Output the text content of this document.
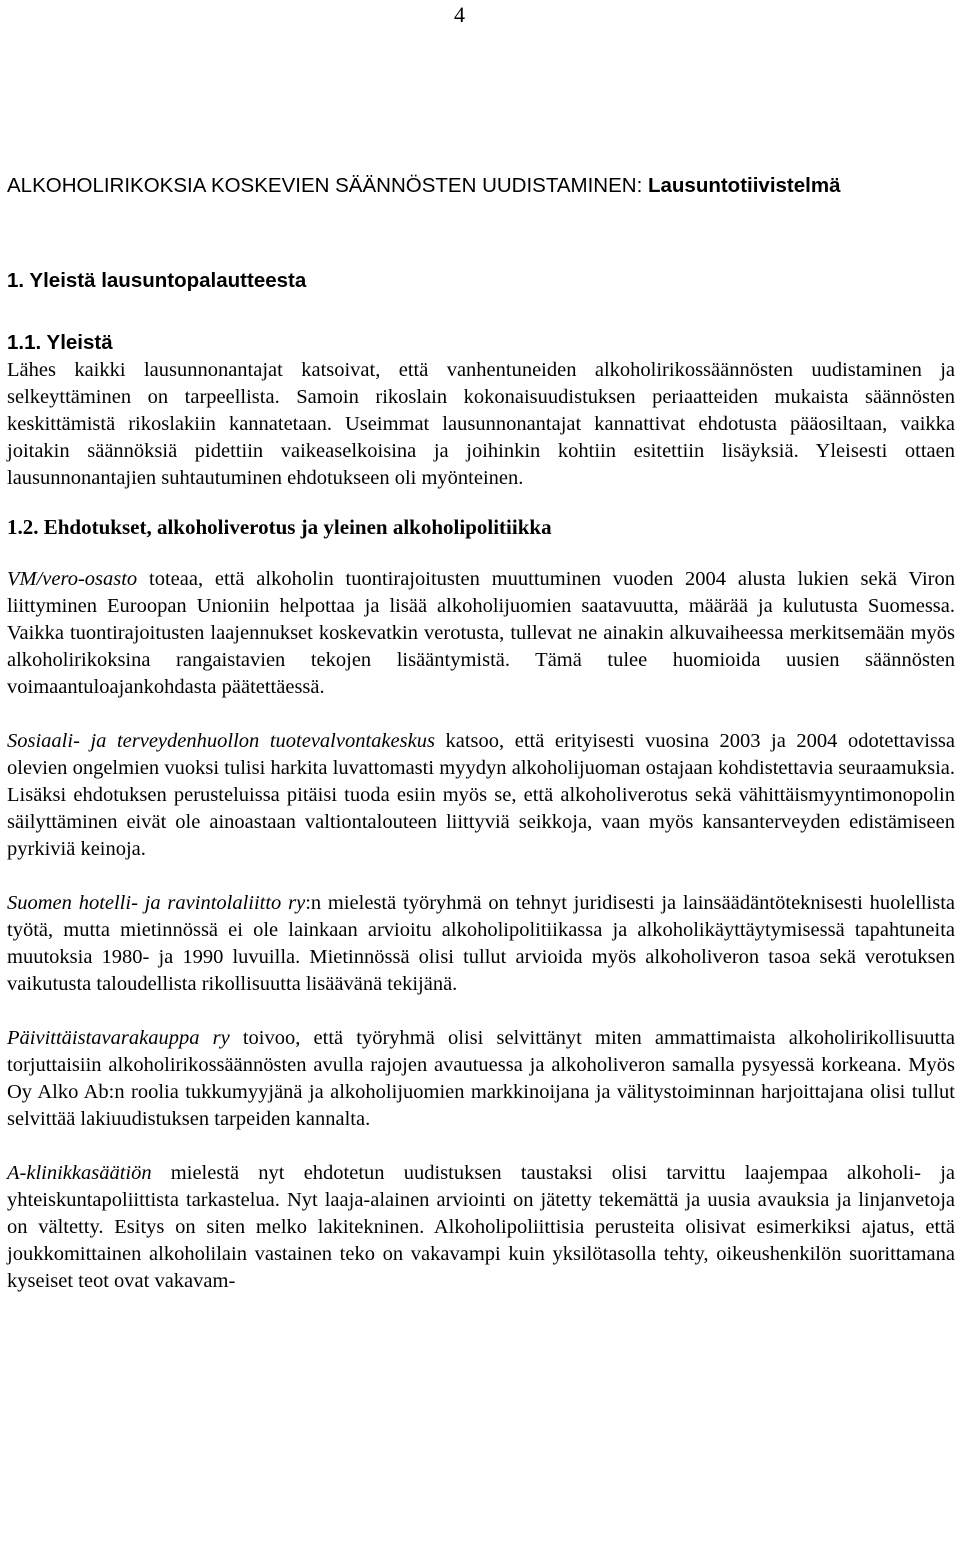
4
ALKOHOLIRIKOKSIA KOSKEVIEN SÄÄNNÖSTEN UUDISTAMINEN: Lausuntotiivistelmä
1. Yleistä lausuntopalautteesta
1.1. Yleistä

Lähes kaikki lausunnonantajat katsoivat, että vanhentuneiden alkoholirikossäännösten uudistaminen ja selkeyttäminen on tarpeellista. Samoin rikoslain kokonaisuudistuksen periaatteiden mukaista säännösten keskittämistä rikoslakiin kannatetaan. Useimmat lausunnonantajat kannattivat ehdotusta pääosiltaan, vaikka joitakin säännöksiä pidettiin vaikeaselkoisina ja joihinkin kohtiin esitettiin lisäyksiä. Yleisesti ottaen lausunnonantajien suhtautuminen ehdotukseen oli myönteinen.

1.2. Ehdotukset, alkoholiverotus ja yleinen alkoholipolitiikka

VM/vero-osasto toteaa, että alkoholin tuontirajoitusten muuttuminen vuoden 2004 alusta lukien sekä Viron liittyminen Euroopan Unioniin helpottaa ja lisää alkoholijuomien saatavuutta, määrää ja kulutusta Suomessa. Vaikka tuontirajoitusten laajennukset koskevatkin verotusta, tullevat ne ainakin alkuvaiheessa merkitsemään myös alkoholirikoksina rangaistavien tekojen lisääntymistä. Tämä tulee huomioida uusien säännösten voimaantuloajankohdasta päätettäessä.

Sosiaali- ja terveydenhuollon tuotevalvontakeskus katsoo, että erityisesti vuosina 2003 ja 2004 odotettavissa olevien ongelmien vuoksi tulisi harkita luvattomasti myydyn alkoholijuoman ostajaan kohdistettavia seuraamuksia. Lisäksi ehdotuksen perusteluissa pitäisi tuoda esiin myös se, että alkoholiverotus sekä vähittäismyyntimonopolin säilyttäminen eivät ole ainoastaan valtiontalouteen liittyviä seikkoja, vaan myös kansanterveyden edistämiseen pyrkiviä keinoja.

Suomen hotelli- ja ravintolaliitto ry:n mielestä työryhmä on tehnyt juridisesti ja lainsäädäntöteknisesti huolellista työtä, mutta mietinnössä ei ole lainkaan arvioitu alkoholipolitiikassa ja alkoholikäyttäytymisessä tapahtuneita muutoksia 1980- ja 1990 luvuilla. Mietinnössä olisi tullut arvioida myös alkoholiveron tasoa sekä verotuksen vaikutusta taloudellista rikollisuutta lisäävänä tekijänä.

Päivittäistavarakauppa ry toivoo, että työryhmä olisi selvittänyt miten ammattimaista alkoholirikollisuutta torjuttaisiin alkoholirikossäännösten avulla rajojen avautuessa ja alkoholiveron samalla pysyessä korkeana. Myös Oy Alko Ab:n roolia tukkumyyjänä ja alkoholijuomien markkinoijana ja välitystoiminnan harjoittajana olisi tullut selvittää lakiuudistuksen tarpeiden kannalta.

A-klinikkasäätiön mielestä nyt ehdotetun uudistuksen taustaksi olisi tarvittu laajempaa alkoholi- ja yhteiskuntapoliittista tarkastelua. Nyt laaja-alainen arviointi on jätetty tekemättä ja uusia avauksia ja linjanvetoja on vältetty. Esitys on siten melko lakitekninen. Alkoholipoliittisia perusteita olisivat esimerkiksi ajatus, että joukkomittainen alkoholilain vastainen teko on vakavampi kuin yksilötasolla tehty, oikeushenkilön suorittamana kyseiset teot ovat vakavam-
